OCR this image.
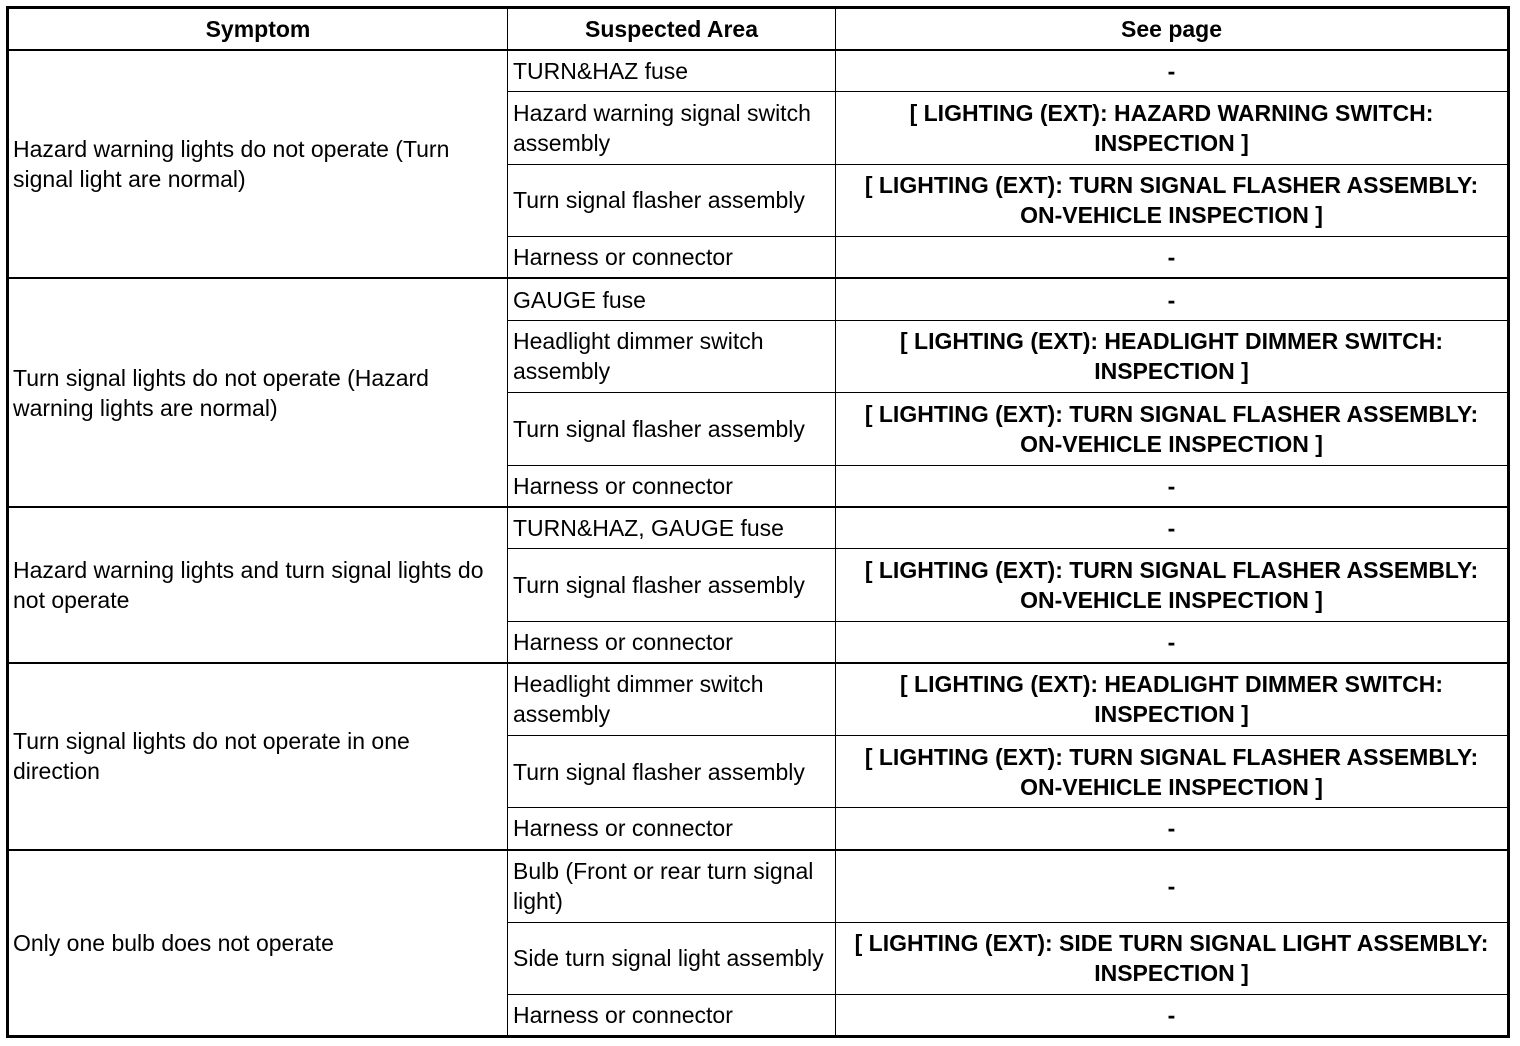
Symptom	Suspected Area	See page
Hazard warning lights do not operate (Turn signal light are normal)	TURN&HAZ fuse	-
	Hazard warning signal switch assembly	[ LIGHTING (EXT): HAZARD WARNING SWITCH: INSPECTION ]
	Turn signal flasher assembly	[ LIGHTING (EXT): TURN SIGNAL FLASHER ASSEMBLY: ON-VEHICLE INSPECTION ]
	Harness or connector	-
Turn signal lights do not operate (Hazard warning lights are normal)	GAUGE fuse	-
	Headlight dimmer switch assembly	[ LIGHTING (EXT): HEADLIGHT DIMMER SWITCH: INSPECTION ]
	Turn signal flasher assembly	[ LIGHTING (EXT): TURN SIGNAL FLASHER ASSEMBLY: ON-VEHICLE INSPECTION ]
	Harness or connector	-
Hazard warning lights and turn signal lights do not operate	TURN&HAZ, GAUGE fuse	-
	Turn signal flasher assembly	[ LIGHTING (EXT): TURN SIGNAL FLASHER ASSEMBLY: ON-VEHICLE INSPECTION ]
	Harness or connector	-
Turn signal lights do not operate in one direction	Headlight dimmer switch assembly	[ LIGHTING (EXT): HEADLIGHT DIMMER SWITCH: INSPECTION ]
	Turn signal flasher assembly	[ LIGHTING (EXT): TURN SIGNAL FLASHER ASSEMBLY: ON-VEHICLE INSPECTION ]
	Harness or connector	-
Only one bulb does not operate	Bulb (Front or rear turn signal light)	-
	Side turn signal light assembly	[ LIGHTING (EXT): SIDE TURN SIGNAL LIGHT ASSEMBLY: INSPECTION ]
	Harness or connector	-
